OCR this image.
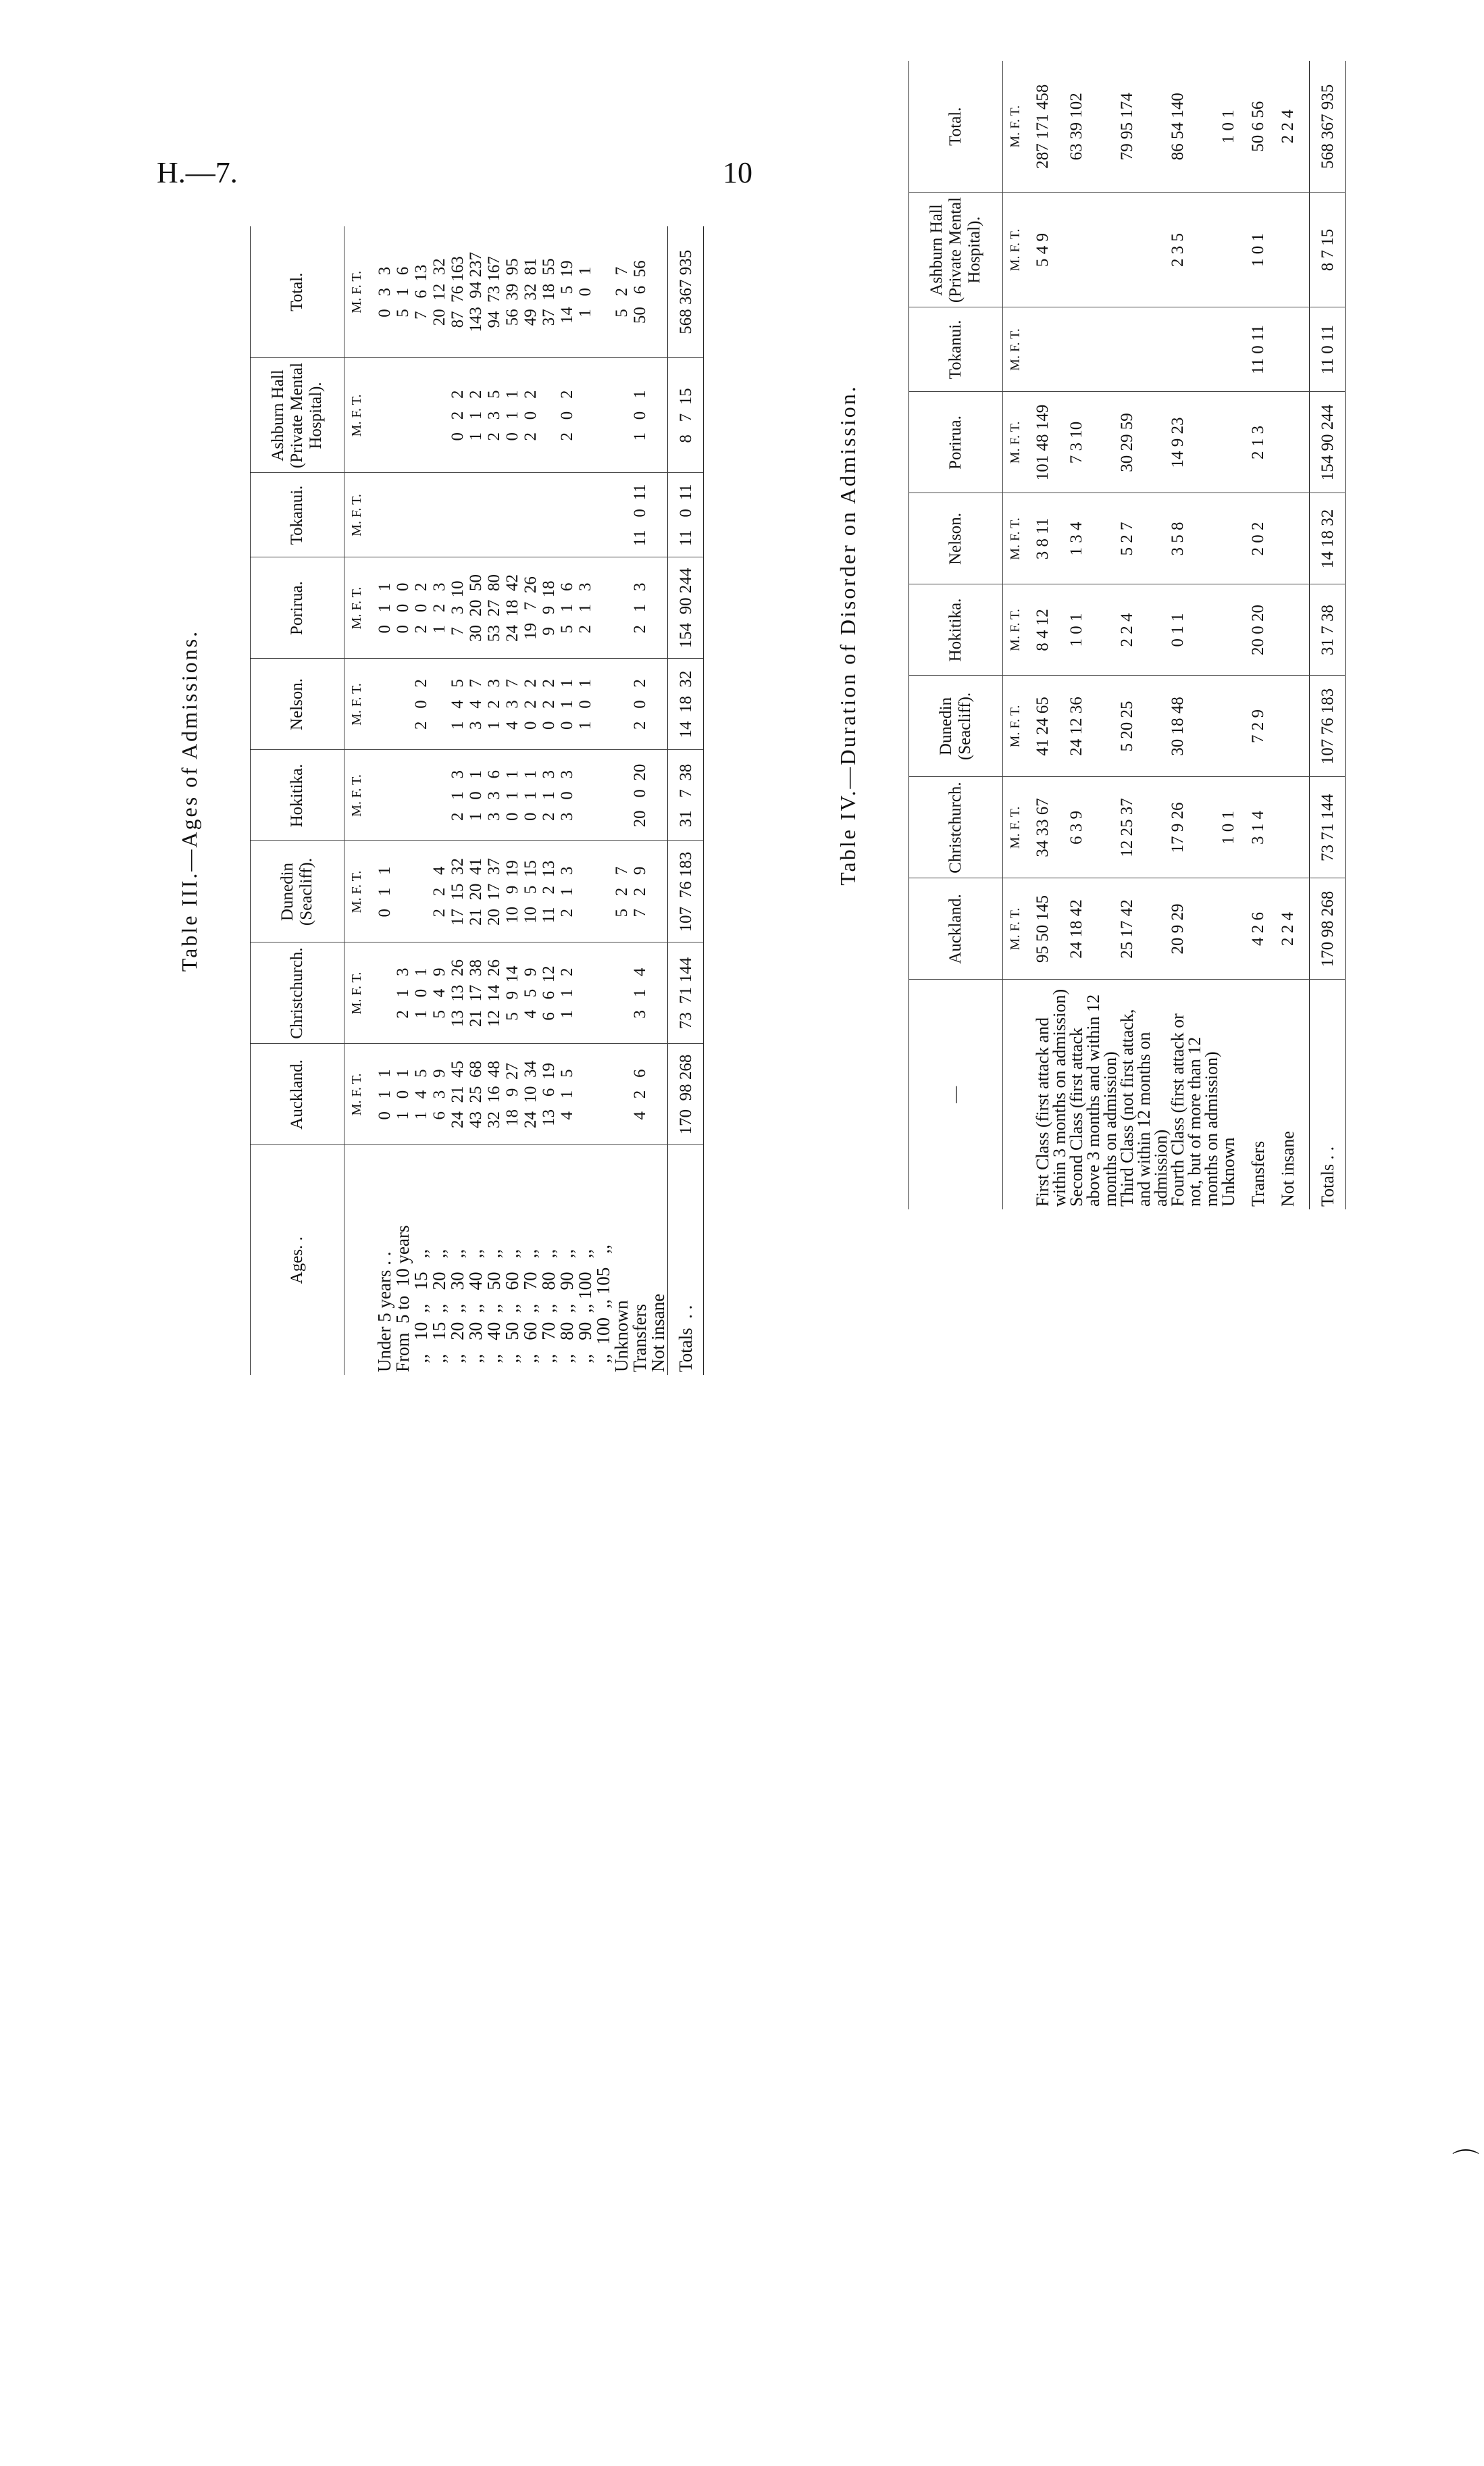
H.—7.	10
Table III.—Ages of Admissions.
Ages. .	Auckland.	Christchurch.	Dunedin
(Seacliff).	Hokitika.	Nelson.	Porirua.	Tokanui.	Ashburn Hall
(Private Mental
Hospital).	Total.
	M. F. T.	M. F. T.	M. F. T.	M. F. T.	M. F. T.	M. F. T.	M. F. T.	M. F. T.	M. F. T.
Under 5 years . .	0   1   1		0   1   1			0   1   1			0   3   3
From  5 to  10 years	1   0   1	2   1   3				0   0   0			5   1   6
,,   10  ,,   15   ,,	1   4   5	1   0   1			2   0   2	2   0   2			7   6  13
,,   15  ,,   20   ,,	6   3   9	5   4   9	2   2   4			1   2   3			20  12  32
,,   20  ,,   30   ,,	24  21  45	13  13  26	17  15  32	2   1   3	1   4   5	7   3  10		0   2   2	87  76 163
,,   30  ,,   40   ,,	43  25  68	21  17  38	21  20  41	1   0   1	3   4   7	30  20  50		1   1   2	143  94 237
,,   40  ,,   50   ,,	32  16  48	12  14  26	20  17  37	3   3   6	1   2   3	53  27  80		2   3   5	94  73 167
,,   50  ,,   60   ,,	18   9  27	5   9  14	10   9  19	0   1   1	4   3   7	24  18  42		0   1   1	56  39  95
,,   60  ,,   70   ,,	24  10  34	4   5   9	10   5  15	0   1   1	0   2   2	19   7  26		2   0   2	49  32  81
,,   70  ,,   80   ,,	13   6  19	6   6  12	11   2  13	2   1   3	0   2   2	9   9  18			37  18  55
,,   80  ,,   90   ,,	4   1   5	1   1   2	2   1   3	3   0   3	0   1   1	5   1   6		2   0   2	14   5  19
,,   90  ,, 100   ,,					1   0   1	2   1   3			1   0   1
,,  100  ,, 105   ,,									
Unknown			5   2   7						5   2   7
Transfers	4   2   6	3   1   4	7   2   9	20   0  20	2   0   2	2   1   3	11   0  11	1   0   1	50   6  56
Not insane									
Totals  . .	170  98 268	73  71 144	107  76 183	31   7  38	14  18  32	154  90 244	11   0  11	8   7  15	568 367 935
Table IV.—Duration of Disorder on Admission.
—	Auckland.	Christchurch.	Dunedin
(Seacliff).	Hokitika.	Nelson.	Porirua.	Tokanui.	Ashburn Hall
(Private Mental
Hospital).	Total.
	M. F. T.	M. F. T.	M. F. T.	M. F. T.	M. F. T.	M. F. T.	M. F. T.	M. F. T.	M. F. T.
First Class (first attack and within 3 months on admission)	95 50 145	34 33 67	41 24 65	8 4 12	3 8 11	101 48 149		5 4 9	287 171 458
Second Class (first attack above 3 months and within 12 months on admission)	24 18 42	6 3 9	24 12 36	1 0 1	1 3 4	7 3 10			63 39 102
Third Class (not first attack, and within 12 months on admission)	25 17 42	12 25 37	5 20 25	2 2 4	5 2 7	30 29 59			79 95 174
Fourth Class (first attack or not, but of more than 12 months on admission)	20 9 29	17 9 26	30 18 48	0 1 1	3 5 8	14 9 23		2 3 5	86 54 140
Unknown		1 0 1							1 0 1
Transfers	4 2 6	3 1 4	7 2 9	20 0 20	2 0 2	2 1 3	11 0 11	1 0 1	50 6 56
Not insane	2 2 4								2 2 4
Totals . .	170 98 268	73 71 144	107 76 183	31 7 38	14 18 32	154 90 244	11 0 11	8 7 15	568 367 935
⌒
